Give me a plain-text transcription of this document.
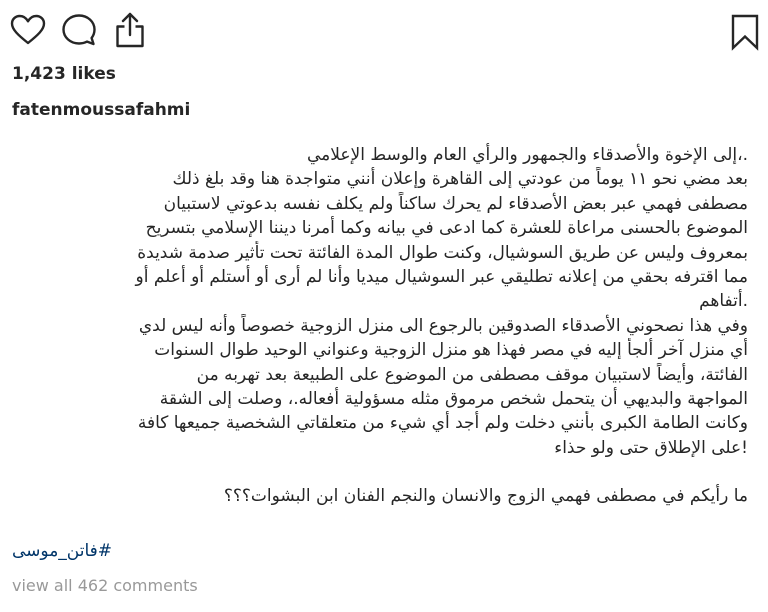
1,423 likes
fatenmoussafahmi
.،إلى الإخوة والأصدقاء والجمهور والرأي العام والوسط الإعلامي
بعد مضي نحو ١١ يوماً من عودتي إلى القاهرة وإعلان أنني متواجدة هنا وقد بلغ ذلك
مصطفى فهمي عبر بعض الأصدقاء لم يحرك ساكناً ولم يكلف نفسه بدعوتي لاستبيان
الموضوع بالحسنى مراعاة للعشرة كما ادعى في بيانه وكما أمرنا ديننا الإسلامي بتسريح
بمعروف وليس عن طريق السوشيال، وكنت طوال المدة الفائتة تحت تأثير صدمة شديدة
مما اقترفه بحقي من إعلانه تطليقي عبر السوشيال ميديا وأنا لم أرى أو أستلم أو أعلم أو
.أتفاهم
وفي هذا نصحوني الأصدقاء الصدوقين بالرجوع الى منزل الزوجية خصوصاً وأنه ليس لدي
أي منزل آخر ألجأ إليه في مصر فهذا هو منزل الزوجية وعنواني الوحيد طوال السنوات
الفائتة، وأيضاً لاستبيان موقف مصطفى من الموضوع على الطبيعة بعد تهربه من
المواجهة والبديهي أن يتحمل شخص مرموق مثله مسؤولية أفعاله.، وصلت إلى الشقة
وكانت الطامة الكبرى بأنني دخلت ولم أجد أي شيء من متعلقاتي الشخصية جميعها كافة
!على الإطلاق حتى ولو حذاء
ما رأيكم في مصطفى فهمي الزوج والانسان والنجم الفنان ابن البشوات؟؟؟
فاتن_موسى#
view all 462 comments
